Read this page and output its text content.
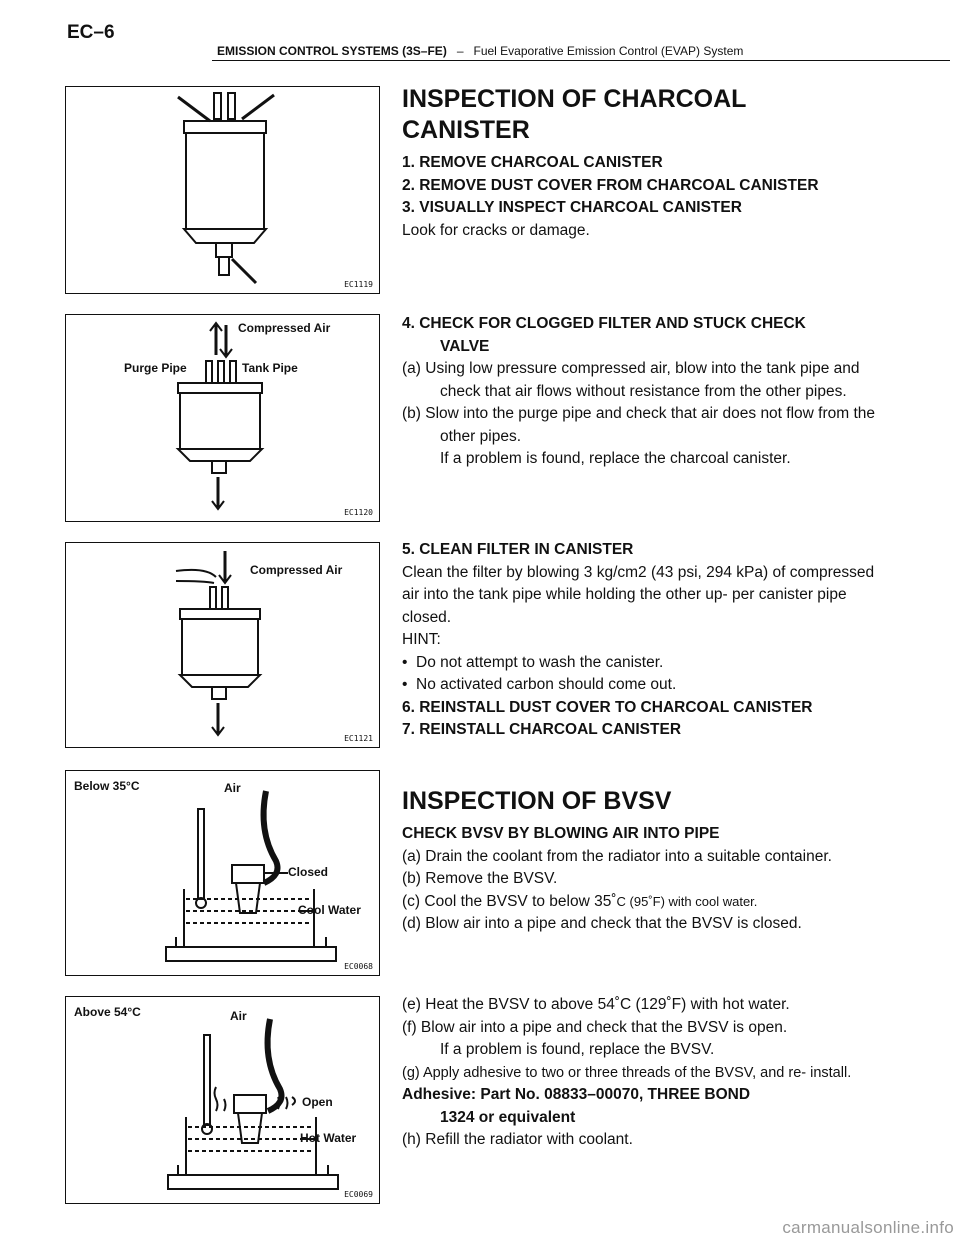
EC–6
EMISSION CONTROL SYSTEMS (3S–FE) – Fuel Evaporative Emission Control (EVAP) System
EC1119
Compressed Air
Purge Pipe	Tank Pipe
EC1120
Compressed Air
EC1121
Below 35°C	Air
Closed
Cool Water
EC0068
Above 54°C	Air
Open
Hot Water
EC0069
INSPECTION OF CHARCOAL
CANISTER
1. REMOVE CHARCOAL CANISTER
2. REMOVE DUST COVER FROM CHARCOAL CANISTER
3. VISUALLY INSPECT CHARCOAL CANISTER
Look for cracks or damage.
4. CHECK FOR CLOGGED FILTER AND STUCK CHECK
VALVE
(a) Using low pressure compressed air, blow into the tank pipe and check that air flows without resistance from the other pipes.
(b) Slow into the purge pipe and check that air does not flow from the other pipes.
If a problem is found, replace the charcoal canister.
5. CLEAN FILTER IN CANISTER
Clean the filter by blowing 3 kg/cm2 (43 psi, 294 kPa) of compressed air into the tank pipe while holding the other up- per canister pipe closed.
HINT:
•  Do not attempt to wash the canister.
•  No activated carbon should come out.
6. REINSTALL DUST COVER TO CHARCOAL CANISTER
7. REINSTALL CHARCOAL CANISTER
INSPECTION OF BVSV
CHECK BVSV BY BLOWING AIR INTO PIPE
(a) Drain the coolant from the radiator into a suitable container.
(b) Remove the BVSV.
(c) Cool the BVSV to below 35˚C (95˚F) with cool water.
(d) Blow air into a pipe and check that the BVSV is closed.
(e) Heat the BVSV to above 54˚C (129˚F) with hot water.
(f) Blow air into a pipe and check that the BVSV is open.
If a problem is found, replace the BVSV.
(g) Apply adhesive to two or three threads of the BVSV, and re- install.
Adhesive: Part No. 08833–00070, THREE BOND
1324 or equivalent
(h) Refill the radiator with coolant.
carmanualsonline.info
